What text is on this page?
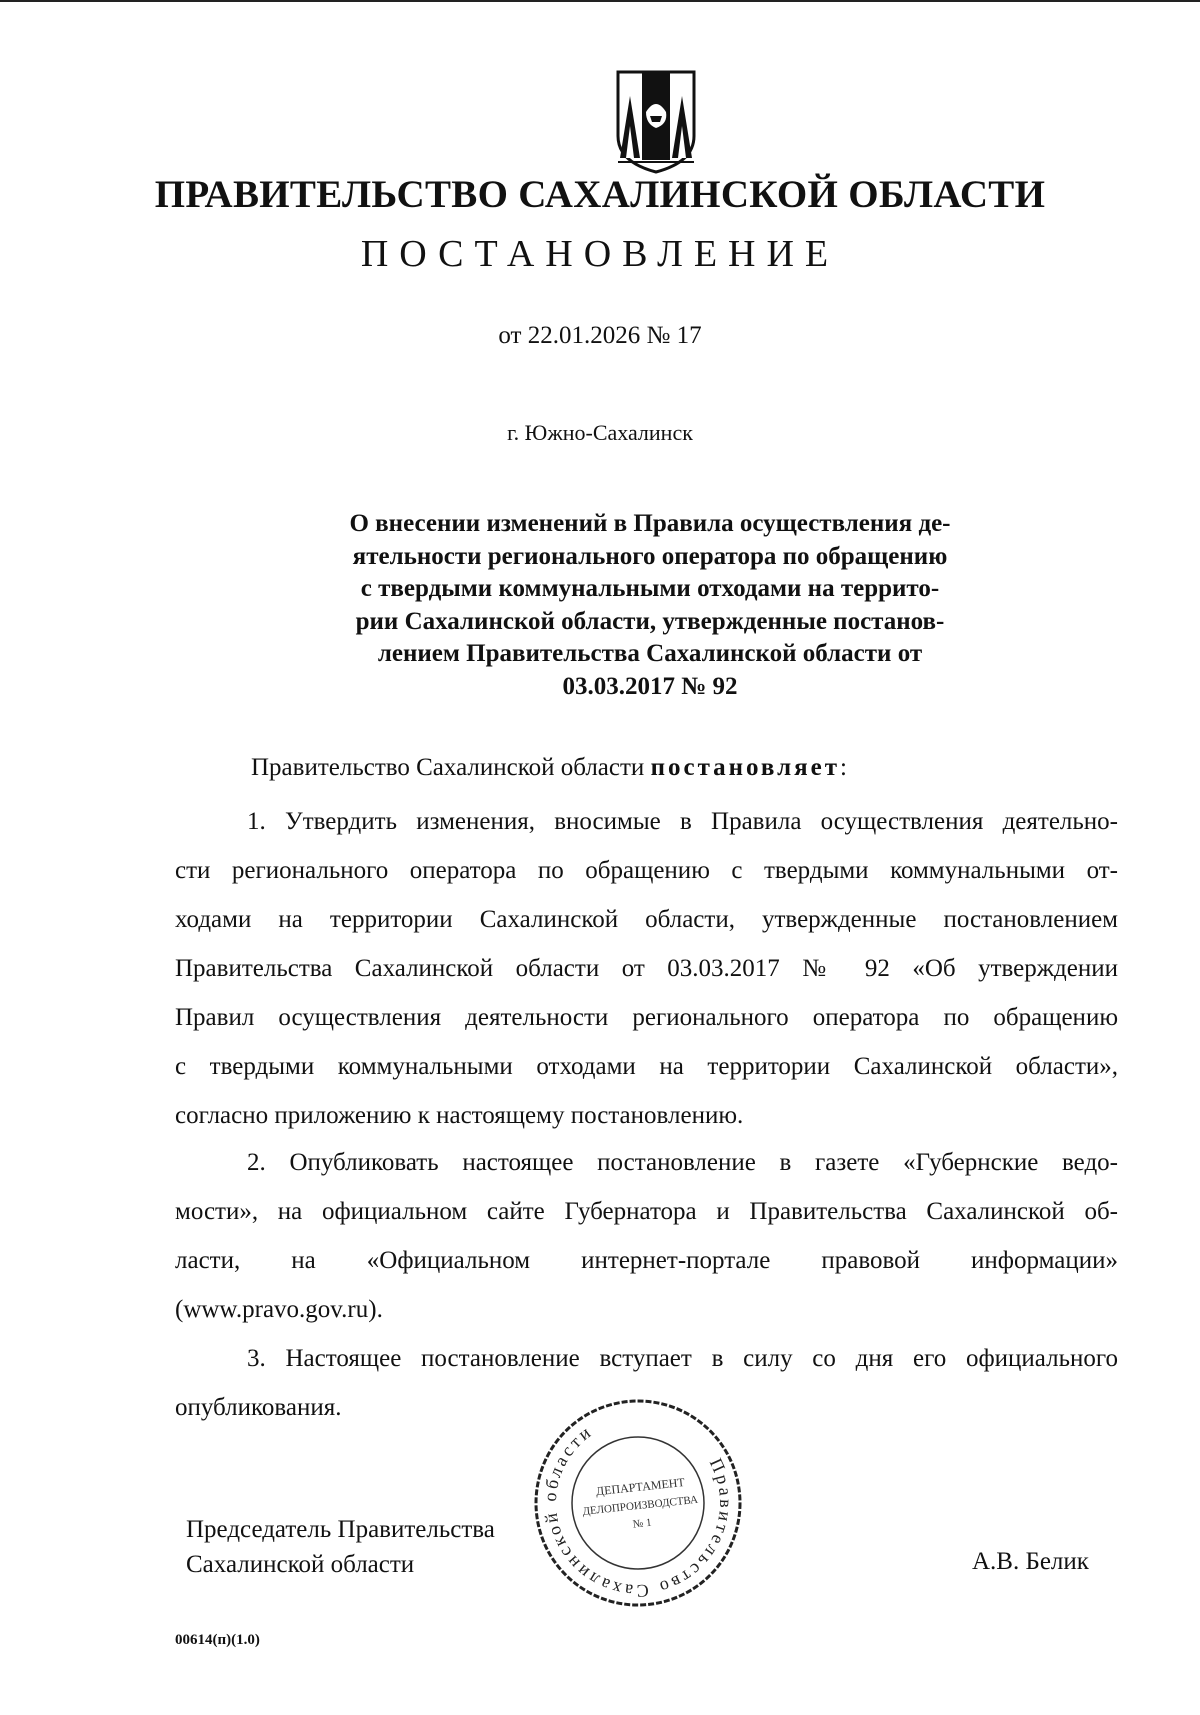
ПРАВИТЕЛЬСТВО САХАЛИНСКОЙ ОБЛАСТИ
ПОСТАНОВЛЕНИЕ
от 22.01.2026 № 17
г. Южно-Сахалинск
О внесении изменений в Правила осуществления де-
ятельности регионального оператора по обращению
с твердыми коммунальными отходами на террито-
рии Сахалинской области, утвержденные постанов-
лением Правительства Сахалинской области от
03.03.2017 № 92
Правительство Сахалинской области постановляет:
1. Утвердить изменения, вносимые в Правила осуществления деятельно-
сти регионального оператора по обращению с твердыми коммунальными от-
ходами на территории Сахалинской области, утвержденные постановлением
Правительства Сахалинской области от 03.03.2017 № 92 «Об утверждении
Правил осуществления деятельности регионального оператора по обращению
с твердыми коммунальными отходами на территории Сахалинской области»,
согласно приложению к настоящему постановлению.
2. Опубликовать настоящее постановление в газете «Губернские ведо-
мости», на официальном сайте Губернатора и Правительства Сахалинской об-
ласти, на «Официальном интернет-портале правовой информации»
(www.pravo.gov.ru).
3. Настоящее постановление вступает в силу со дня его официального
опубликования.
Председатель Правительства
Сахалинской области	А.В. Белик
Правительство Сахалинской области
ДЕПАРТАМЕНТ
ДЕЛОПРОИЗВОДСТВА
№ 1
00614(п)(1.0)
